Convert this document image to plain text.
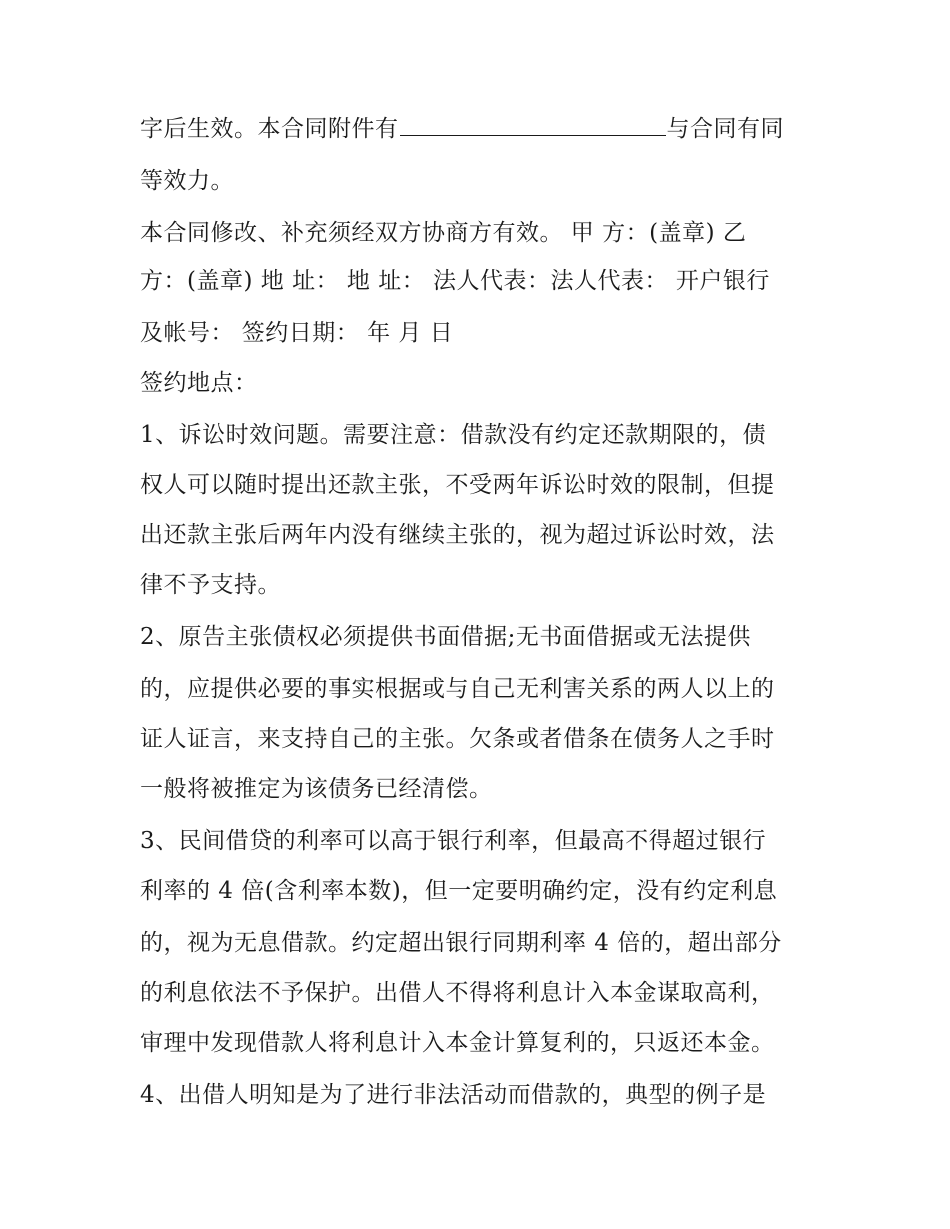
字后生效。本合同附件有	与合同有同
等效力。
本合同修改、补充须经双方协商方有效。 甲 方：(盖章) 乙
方：(盖章) 地 址： 地 址： 法人代表：法人代表： 开户银行
及帐号： 签约日期： 年 月 日
签约地点：
1、诉讼时效问题。需要注意：借款没有约定还款期限的，债
权人可以随时提出还款主张，不受两年诉讼时效的限制，但提
出还款主张后两年内没有继续主张的，视为超过诉讼时效，法
律不予支持。
2、原告主张债权必须提供书面借据;无书面借据或无法提供
的，应提供必要的事实根据或与自己无利害关系的两人以上的
证人证言，来支持自己的主张。欠条或者借条在债务人之手时
一般将被推定为该债务已经清偿。
3、民间借贷的利率可以高于银行利率，但最高不得超过银行
利率的 4 倍(含利率本数)，但一定要明确约定，没有约定利息
的，视为无息借款。约定超出银行同期利率 4 倍的，超出部分
的利息依法不予保护。出借人不得将利息计入本金谋取高利，
审理中发现借款人将利息计入本金计算复利的，只返还本金。
4、出借人明知是为了进行非法活动而借款的，典型的例子是
